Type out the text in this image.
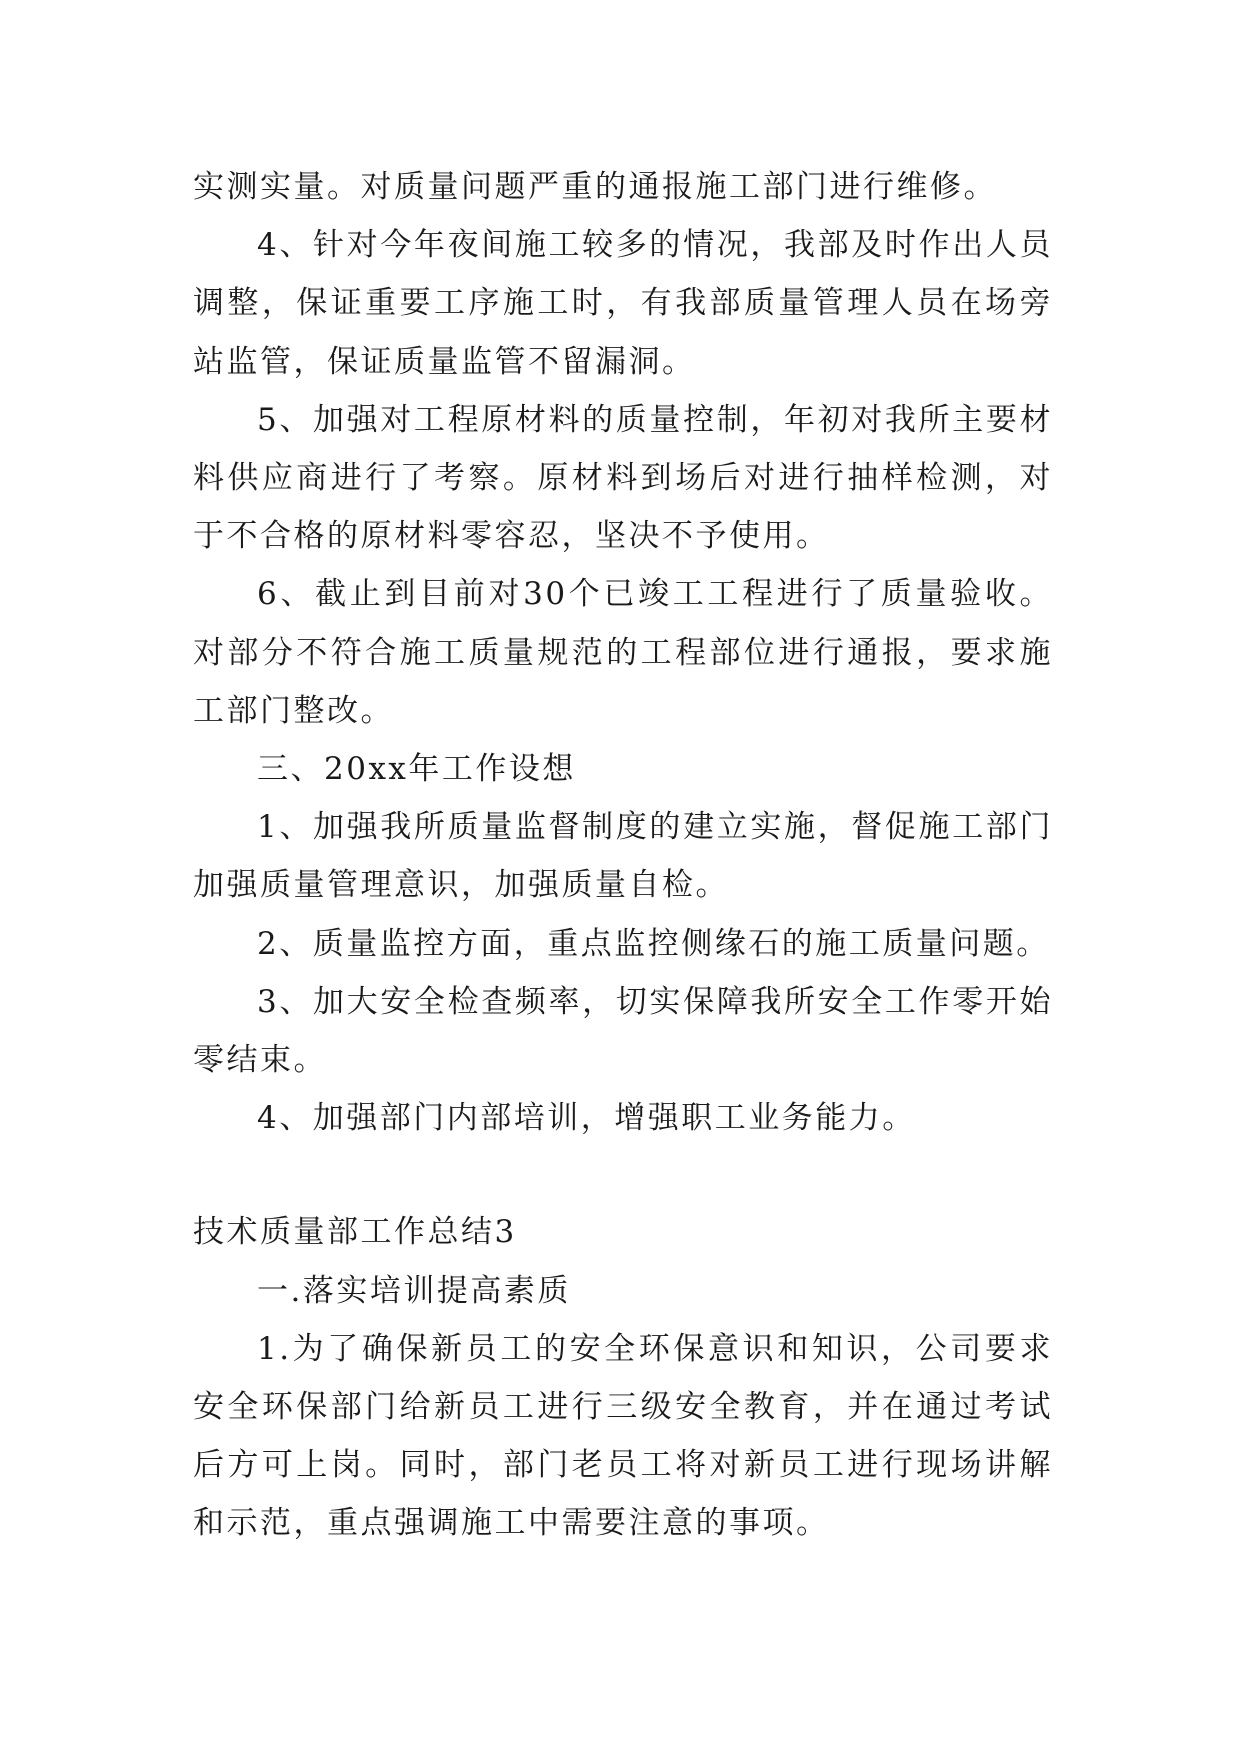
实测实量。对质量问题严重的通报施工部门进行维修。

4、针对今年夜间施工较多的情况，我部及时作出人员调整，保证重要工序施工时，有我部质量管理人员在场旁站监管，保证质量监管不留漏洞。

5、加强对工程原材料的质量控制，年初对我所主要材料供应商进行了考察。原材料到场后对进行抽样检测，对于不合格的原材料零容忍，坚决不予使用。

6、截止到目前对30个已竣工工程进行了质量验收。对部分不符合施工质量规范的工程部位进行通报，要求施工部门整改。

三、20xx年工作设想

1、加强我所质量监督制度的建立实施，督促施工部门加强质量管理意识，加强质量自检。

2、质量监控方面，重点监控侧缘石的施工质量问题。

3、加大安全检查频率，切实保障我所安全工作零开始零结束。

4、加强部门内部培训，增强职工业务能力。

技术质量部工作总结3

一.落实培训提高素质

1.为了确保新员工的安全环保意识和知识，公司要求安全环保部门给新员工进行三级安全教育，并在通过考试后方可上岗。同时，部门老员工将对新员工进行现场讲解和示范，重点强调施工中需要注意的事项。
